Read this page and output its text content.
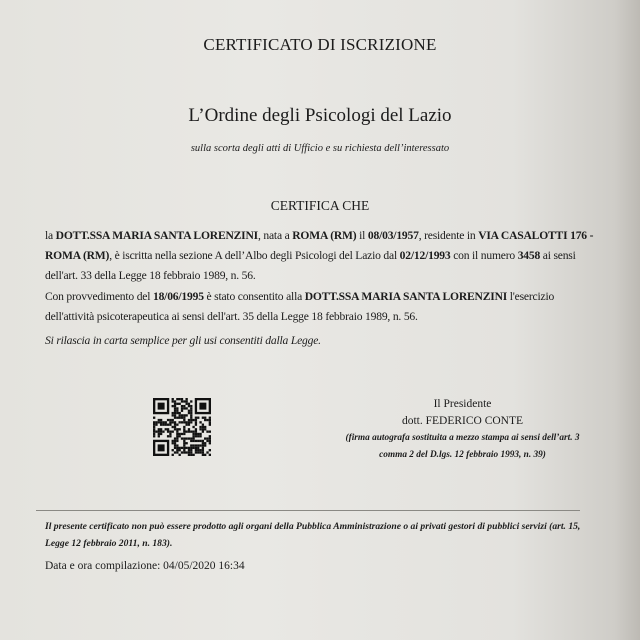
CERTIFICATO DI ISCRIZIONE
L’Ordine degli Psicologi del Lazio
sulla scorta degli atti di Ufficio e su richiesta dell’interessato
CERTIFICA CHE
la DOTT.SSA MARIA SANTA LORENZINI, nata a ROMA (RM) il 08/03/1957, residente in VIA CASALOTTI 176 - ROMA (RM), è iscritta nella sezione A dell’Albo degli Psicologi del Lazio dal 02/12/1993 con il numero 3458 ai sensi dell'art. 33 della Legge 18 febbraio 1989, n. 56.
Con provvedimento del 18/06/1995 è stato consentito alla DOTT.SSA MARIA SANTA LORENZINI l'esercizio dell'attività psicoterapeutica ai sensi dell'art. 35 della Legge 18 febbraio 1989, n. 56.
Si rilascia in carta semplice per gli usi consentiti dalla Legge.
Il Presidente
dott. FEDERICO CONTE
(firma autografa sostituita a mezzo stampa ai sensi dell’art. 3 comma 2 del D.lgs. 12 febbraio 1993, n. 39)
Il presente certificato non può essere prodotto agli organi della Pubblica Amministrazione o ai privati gestori di pubblici servizi (art. 15, Legge 12 febbraio 2011, n. 183).
Data e ora compilazione: 04/05/2020 16:34
